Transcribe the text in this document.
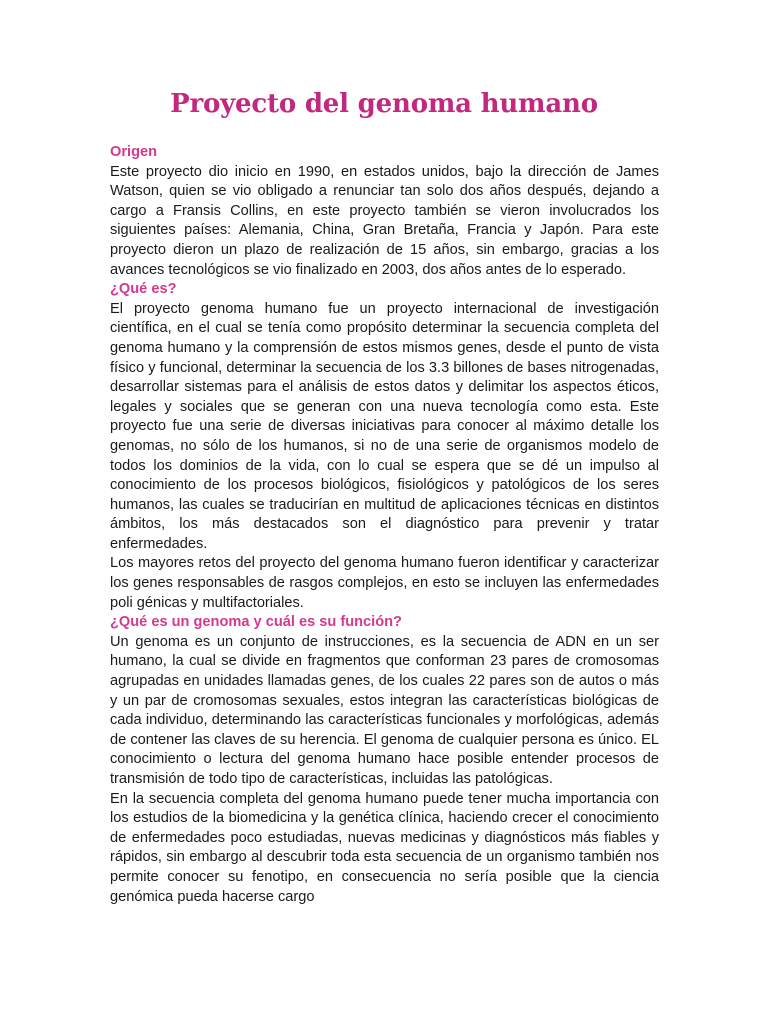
Proyecto del genoma humano
Origen

Este proyecto dio inicio en 1990, en estados unidos, bajo la dirección de James Watson, quien se vio obligado a renunciar tan solo dos años después, dejando a cargo a Fransis Collins, en este proyecto también se vieron involucrados los siguientes países: Alemania, China, Gran Bretaña, Francia y Japón. Para este proyecto dieron un plazo de realización de 15 años, sin embargo, gracias a los avances tecnológicos se vio finalizado en 2003, dos años antes de lo esperado.

¿Qué es?

El proyecto genoma humano fue un proyecto internacional de investigación científica, en el cual se tenía como propósito determinar la secuencia completa del genoma humano y la comprensión de estos mismos genes, desde el punto de vista físico y funcional, determinar la secuencia de los 3.3 billones de bases nitrogenadas, desarrollar sistemas para el análisis de estos datos y delimitar los aspectos éticos, legales y sociales que se generan con una nueva tecnología como esta. Este proyecto fue una serie de diversas iniciativas para conocer al máximo detalle los genomas, no sólo de los humanos, si no de una serie de organismos modelo de todos los dominios de la vida, con lo cual se espera que se dé un impulso al conocimiento de los procesos biológicos, fisiológicos y patológicos de los seres humanos, las cuales se traducirían en multitud de aplicaciones técnicas en distintos ámbitos, los más destacados son el diagnóstico para prevenir y tratar enfermedades.

Los mayores retos del proyecto del genoma humano fueron identificar y caracterizar los genes responsables de rasgos complejos, en esto se incluyen las enfermedades poli génicas y multifactoriales.

¿Qué es un genoma y cuál es su función?

Un genoma es un conjunto de instrucciones, es la secuencia de ADN en un ser humano, la cual se divide en fragmentos que conforman 23 pares de cromosomas agrupadas en unidades llamadas genes, de los cuales 22 pares son de autos o más y un par de cromosomas sexuales, estos integran las características biológicas de cada individuo, determinando las características funcionales y morfológicas, además de contener las claves de su herencia. El genoma de cualquier persona es único. EL conocimiento o lectura del genoma humano hace posible entender procesos de transmisión de todo tipo de características, incluidas las patológicas.

En la secuencia completa del genoma humano puede tener mucha importancia con los estudios de la biomedicina y la genética clínica, haciendo crecer el conocimiento de enfermedades poco estudiadas, nuevas medicinas y diagnósticos más fiables y rápidos, sin embargo al descubrir toda esta secuencia de un organismo también nos permite conocer su fenotipo, en consecuencia no sería posible que la ciencia genómica pueda hacerse cargo
